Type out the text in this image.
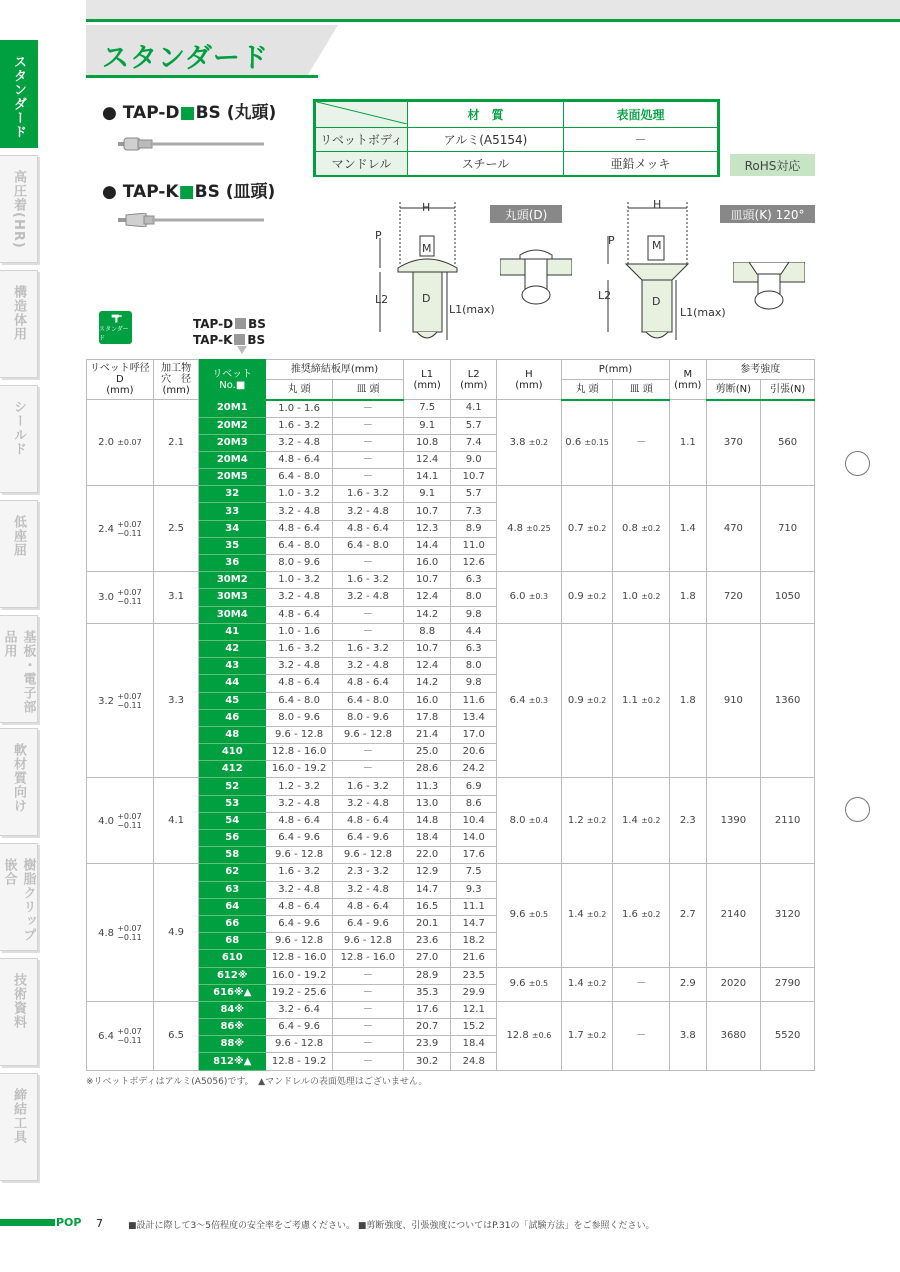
スタンダード
スタンダード
高圧着(HR)
構造体用
シールド
低座屈
基板・電子部品用
軟材質向け
樹脂クリップ嵌合
技術資料
締結工具
● TAP-D■BS (丸頭)
● TAP-K■BS (皿頭)
スタンダード
TAP-D BS
TAP-K BS
	材　質	表面処理
リベットボディ	アルミ(A5154)	－
マンドレル	スチール	亜鉛メッキ	RoHS対応
H
P
M
L2	D
L1(max)
丸頭(D)
H
P	M
L2	D
L1(max)
皿頭(K) 120°
リベット呼径
D
(mm)	加工物
穴　径
(mm)	リベット
No.■	推奨締結板厚(mm)		L1
(mm)	L2
(mm)	H
(mm)	P(mm)		M
(mm)	参考強度	
			丸 頭	皿 頭				丸 頭	皿 頭		剪断(N)	引張(N)
2.0 ±0.07	2.1	20M1	1.0 - 1.6	－	7.5	4.1	3.8 ±0.2	0.6 ±0.15	－	1.1	370	560
		20M2	1.6 - 3.2	－	9.1	5.7						
		20M3	3.2 - 4.8	－	10.8	7.4						
		20M4	4.8 - 6.4	－	12.4	9.0						
		20M5	6.4 - 8.0	－	14.1	10.7						
2.4 +0.07
−0.11	2.5	32	1.0 - 3.2	1.6 - 3.2	9.1	5.7	4.8 ±0.25	0.7 ±0.2	0.8 ±0.2	1.4	470	710
		33	3.2 - 4.8	3.2 - 4.8	10.7	7.3						
		34	4.8 - 6.4	4.8 - 6.4	12.3	8.9						
		35	6.4 - 8.0	6.4 - 8.0	14.4	11.0						
		36	8.0 - 9.6	－	16.0	12.6						
3.0 +0.07
−0.11	3.1	30M2	1.0 - 3.2	1.6 - 3.2	10.7	6.3	6.0 ±0.3	0.9 ±0.2	1.0 ±0.2	1.8	720	1050
		30M3	3.2 - 4.8	3.2 - 4.8	12.4	8.0						
		30M4	4.8 - 6.4	－	14.2	9.8						
3.2 +0.07
−0.11	3.3	41	1.0 - 1.6	－	8.8	4.4	6.4 ±0.3	0.9 ±0.2	1.1 ±0.2	1.8	910	1360
		42	1.6 - 3.2	1.6 - 3.2	10.7	6.3						
		43	3.2 - 4.8	3.2 - 4.8	12.4	8.0						
		44	4.8 - 6.4	4.8 - 6.4	14.2	9.8						
		45	6.4 - 8.0	6.4 - 8.0	16.0	11.6						
		46	8.0 - 9.6	8.0 - 9.6	17.8	13.4						
		48	9.6 - 12.8	9.6 - 12.8	21.4	17.0						
		410	12.8 - 16.0	－	25.0	20.6						
		412	16.0 - 19.2	－	28.6	24.2						
4.0 +0.07
−0.11	4.1	52	1.2 - 3.2	1.6 - 3.2	11.3	6.9	8.0 ±0.4	1.2 ±0.2	1.4 ±0.2	2.3	1390	2110
		53	3.2 - 4.8	3.2 - 4.8	13.0	8.6						
		54	4.8 - 6.4	4.8 - 6.4	14.8	10.4						
		56	6.4 - 9.6	6.4 - 9.6	18.4	14.0						
		58	9.6 - 12.8	9.6 - 12.8	22.0	17.6						
4.8 +0.07
−0.11	4.9	62	1.6 - 3.2	2.3 - 3.2	12.9	7.5	9.6 ±0.5	1.4 ±0.2	1.6 ±0.2	2.7	2140	3120
		63	3.2 - 4.8	3.2 - 4.8	14.7	9.3						
		64	4.8 - 6.4	4.8 - 6.4	16.5	11.1						
		66	6.4 - 9.6	6.4 - 9.6	20.1	14.7						
		68	9.6 - 12.8	9.6 - 12.8	23.6	18.2						
		610	12.8 - 16.0	12.8 - 16.0	27.0	21.6						
		612※	16.0 - 19.2	－	28.9	23.5	9.6 ±0.5	1.4 ±0.2	－	2.9	2020	2790
		616※▲	19.2 - 25.6	－	35.3	29.9						
6.4 +0.07
−0.11	6.5	84※	3.2 - 6.4	－	17.6	12.1	12.8 ±0.6	1.7 ±0.2	－	3.8	3680	5520
		86※	6.4 - 9.6	－	20.7	15.2						
		88※	9.6 - 12.8	－	23.9	18.4						
		812※▲	12.8 - 19.2	－	30.2	24.8						
※リベットボディはアルミ(A5056)です。　▲マンドレルの表面処理はございません。
POP 7	■設計に際して3～5倍程度の安全率をご考慮ください。 ■剪断強度、引張強度についてはP.31の「試験方法」をご参照ください。
